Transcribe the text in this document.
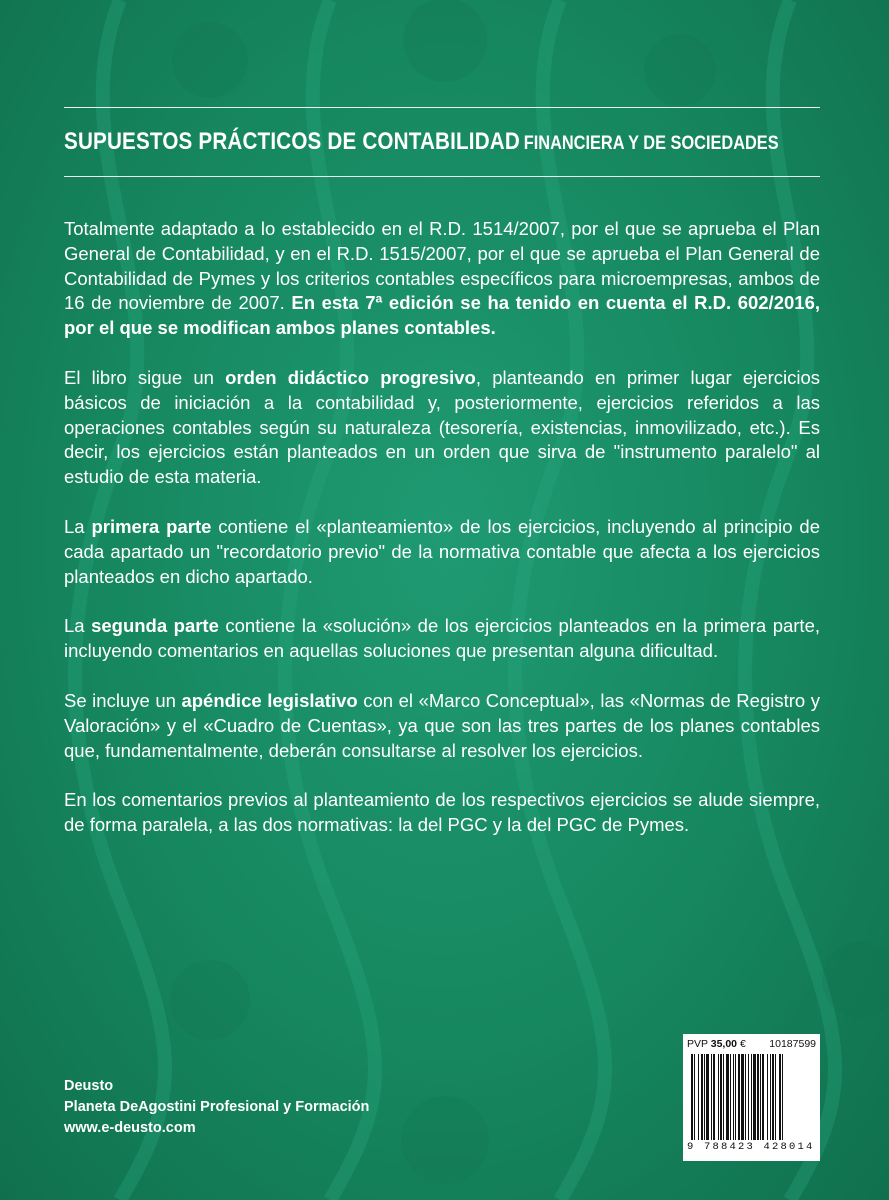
SUPUESTOS PRÁCTICOS DE CONTABILIDAD FINANCIERA Y DE SOCIEDADES

Totalmente adaptado a lo establecido en el R.D. 1514/2007, por el que se aprueba el Plan General de Contabilidad, y en el R.D. 1515/2007, por el que se aprueba el Plan General de Contabilidad de Pymes y los criterios contables específicos para microempresas, ambos de 16 de noviembre de 2007. En esta 7ª edición se ha tenido en cuenta el R.D. 602/2016, por el que se modifican ambos planes contables.

El libro sigue un orden didáctico progresivo, planteando en primer lugar ejercicios básicos de iniciación a la contabilidad y, posteriormente, ejercicios referidos a las operaciones contables según su naturaleza (tesorería, existencias, inmovilizado, etc.). Es decir, los ejercicios están planteados en un orden que sirva de "instrumento paralelo" al estudio de esta materia.

La primera parte contiene el «planteamiento» de los ejercicios, incluyendo al principio de cada apartado un "recordatorio previo" de la normativa contable que afecta a los ejercicios planteados en dicho apartado.

La segunda parte contiene la «solución» de los ejercicios planteados en la primera parte, incluyendo comentarios en aquellas soluciones que presentan alguna dificultad.

Se incluye un apéndice legislativo con el «Marco Conceptual», las «Normas de Registro y Valoración» y el «Cuadro de Cuentas», ya que son las tres partes de los planes contables que, fundamentalmente, deberán consultarse al resolver los ejercicios.

En los comentarios previos al planteamiento de los respectivos ejercicios se alude siempre, de forma paralela, a las dos normativas: la del PGC y la del PGC de Pymes.

Deusto
Planeta DeAgostini Profesional y Formación
www.e-deusto.com
PVP 35,00 € 10187599
9 788423 428014
